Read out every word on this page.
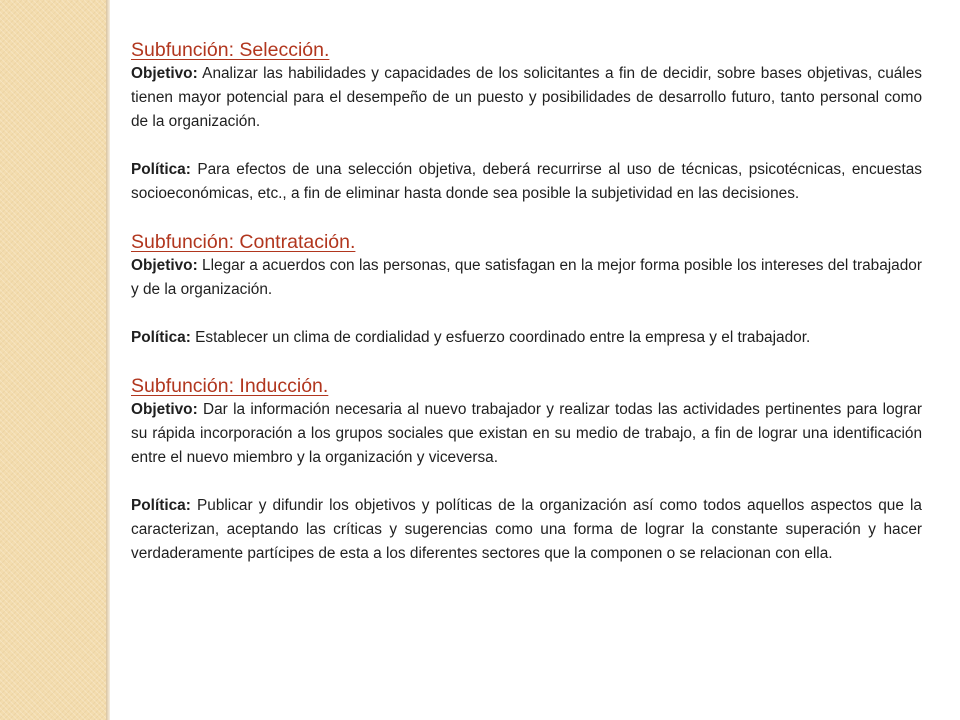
Subfunción: Selección.

Objetivo: Analizar las habilidades y capacidades de los solicitantes a fin de decidir, sobre bases objetivas, cuáles tienen mayor potencial para el desempeño de un puesto y posibilidades de desarrollo futuro, tanto personal como de la organización.

Política: Para efectos de una selección objetiva, deberá recurrirse al uso de técnicas, psicotécnicas, encuestas socioeconómicas, etc., a fin de eliminar hasta donde sea posible la subjetividad en las decisiones.

Subfunción: Contratación.

Objetivo: Llegar a acuerdos con las personas, que satisfagan en la mejor forma posible los intereses del trabajador y de la organización.

Política: Establecer un clima de cordialidad y esfuerzo coordinado entre la empresa y el trabajador.

Subfunción: Inducción.

Objetivo: Dar la información necesaria al nuevo trabajador y realizar todas las actividades pertinentes para lograr su rápida incorporación a los grupos sociales que existan en su medio de trabajo, a fin de lograr una identificación entre el nuevo miembro y la organización y viceversa.

Política: Publicar y difundir los objetivos y políticas de la organización así como todos aquellos aspectos que la caracterizan, aceptando las críticas y sugerencias como una forma de lograr la constante superación y hacer verdaderamente partícipes de esta a los diferentes sectores que la componen o se relacionan con ella.
